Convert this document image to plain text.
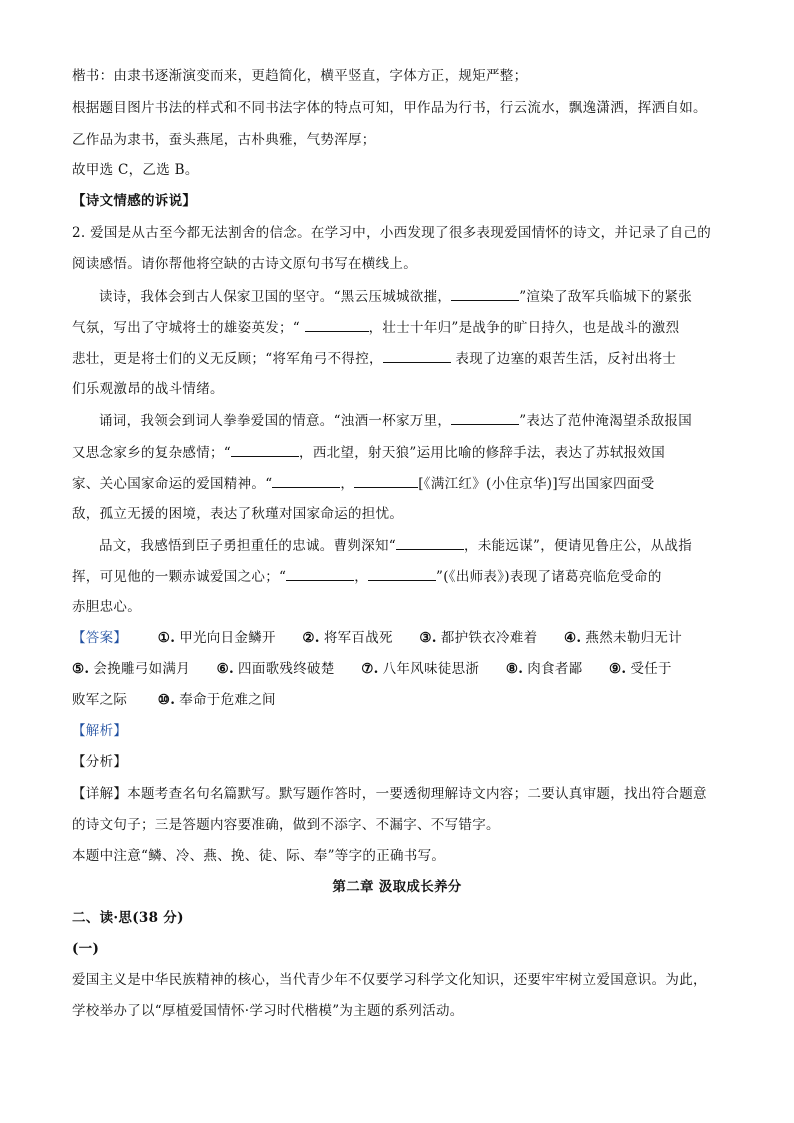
楷书：由隶书逐渐演变而来，更趋简化，横平竖直，字体方正，规矩严整；
根据题目图片书法的样式和不同书法字体的特点可知，甲作品为行书，行云流水，飘逸潇洒，挥洒自如。
乙作品为隶书，蚕头燕尾，古朴典雅，气势浑厚；
故甲选 C，乙选 B。
【诗文情感的诉说】
2. 爱国是从古至今都无法割舍的信念。在学习中，小西发现了很多表现爱国情怀的诗文，并记录了自己的
阅读感悟。请你帮他将空缺的古诗文原句书写在横线上。
读诗，我体会到古人保家卫国的坚守。“黑云压城城欲摧，	”渲染了敌军兵临城下的紧张
气氛，写出了守城将士的雄姿英发；“	，壮士十年归”是战争的旷日持久，也是战斗的激烈
悲壮，更是将士们的义无反顾；“将军角弓不得控，	表现了边塞的艰苦生活，反衬出将士
们乐观激昂的战斗情绪。
诵词，我领会到词人拳拳爱国的情意。“浊酒一杯家万里，	”表达了范仲淹渴望杀敌报国
又思念家乡的复杂感情；“	，西北望，射天狼”运用比喻的修辞手法，表达了苏轼报效国
家、关心国家命运的爱国精神。“	，	[《满江红》(小住京华)]写出国家四面受
敌，孤立无援的困境，表达了秋瑾对国家命运的担忧。
品文，我感悟到臣子勇担重任的忠诚。曹刿深知“	，未能远谋”，便请见鲁庄公，从战指
挥，可见他的一颗赤诚爱国之心；“	，	”(《出师表》)表现了诸葛亮临危受命的
赤胆忠心。
【答案】 ①. 甲光向日金鳞开 ②. 将军百战死 ③. 都护铁衣冷难着 ④. 燕然未勒归无计
⑤. 会挽雕弓如满月 ⑥. 四面歌残终破楚 ⑦. 八年风味徒思浙 ⑧. 肉食者鄙 ⑨. 受任于
败军之际 ⑩. 奉命于危难之间
【解析】
【分析】
【详解】本题考查名句名篇默写。默写题作答时，一要透彻理解诗文内容；二要认真审题，找出符合题意
的诗文句子；三是答题内容要准确，做到不添字、不漏字、不写错字。
本题中注意“鳞、冷、燕、挽、徒、际、奉”等字的正确书写。
第二章 汲取成长养分
二、读·思(38 分)
(一)
爱国主义是中华民族精神的核心，当代青少年不仅要学习科学文化知识，还要牢牢树立爱国意识。为此，
学校举办了以“厚植爱国情怀·学习时代楷模”为主题的系列活动。
